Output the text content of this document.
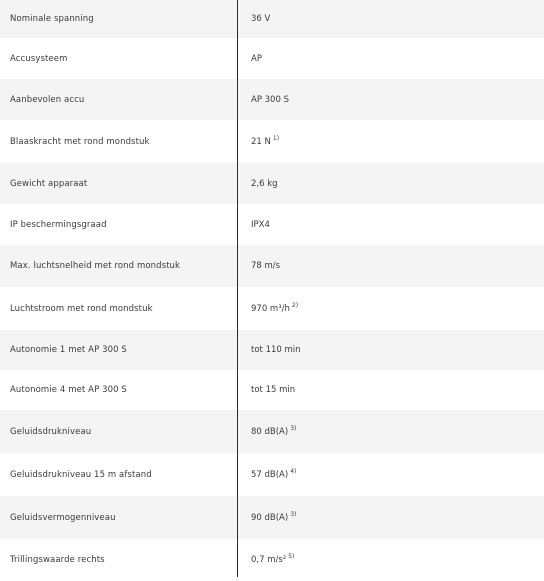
Nominale spanning	36 V
Accusysteem	AP
Aanbevolen accu	AP 300 S
Blaaskracht met rond mondstuk	21 N $^{1)}$
Gewicht apparaat	2,6 kg
IP beschermingsgraad	IPX4
Max. luchtsnelheid met rond mondstuk	78 m/s
Luchtstroom met rond mondstuk	970 m³/h $^{2)}$
Autonomie 1 met AP 300 S	tot 110 min
Autonomie 4 met AP 300 S	tot 15 min
Geluidsdrukniveau	80 dB(A) $^{3)}$
Geluidsdrukniveau 15 m afstand	57 dB(A) $^{4)}$
Geluidsvermogenniveau	90 dB(A) $^{3)}$
Trillingswaarde rechts	0,7 m/s² $^{5)}$
